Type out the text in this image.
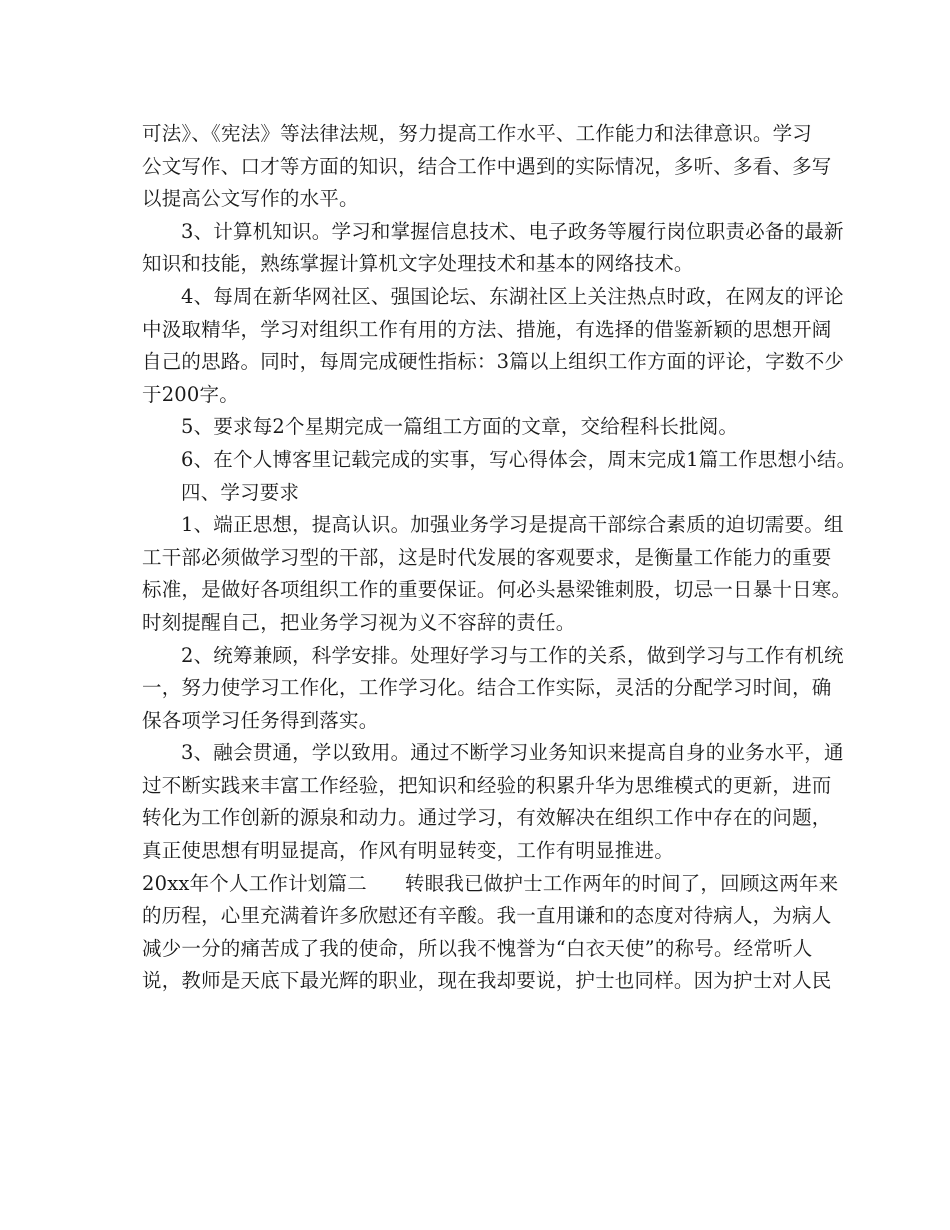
可法》、《宪法》等法律法规，努力提高工作水平、工作能力和法律意识。学习
公文写作、口才等方面的知识，结合工作中遇到的实际情况，多听、多看、多写
以提高公文写作的水平。
3、计算机知识。学习和掌握信息技术、电子政务等履行岗位职责必备的最新
知识和技能，熟练掌握计算机文字处理技术和基本的网络技术。
4、每周在新华网社区、强国论坛、东湖社区上关注热点时政，在网友的评论
中汲取精华，学习对组织工作有用的方法、措施，有选择的借鉴新颖的思想开阔
自己的思路。同时，每周完成硬性指标：3篇以上组织工作方面的评论，字数不少
于200字。
5、要求每2个星期完成一篇组工方面的文章，交给程科长批阅。
6、在个人博客里记载完成的实事，写心得体会，周末完成1篇工作思想小结。
四、学习要求
1、端正思想，提高认识。加强业务学习是提高干部综合素质的迫切需要。组
工干部必须做学习型的干部，这是时代发展的客观要求，是衡量工作能力的重要
标准，是做好各项组织工作的重要保证。何必头悬梁锥刺股，切忌一日暴十日寒。
时刻提醒自己，把业务学习视为义不容辞的责任。
2、统筹兼顾，科学安排。处理好学习与工作的关系，做到学习与工作有机统
一，努力使学习工作化，工作学习化。结合工作实际，灵活的分配学习时间，确
保各项学习任务得到落实。
3、融会贯通，学以致用。通过不断学习业务知识来提高自身的业务水平，通
过不断实践来丰富工作经验，把知识和经验的积累升华为思维模式的更新，进而
转化为工作创新的源泉和动力。通过学习，有效解决在组织工作中存在的问题，
真正使思想有明显提高，作风有明显转变，工作有明显推进。
20xx年个人工作计划篇二 转眼我已做护士工作两年的时间了，回顾这两年来
的历程，心里充满着许多欣慰还有辛酸。我一直用谦和的态度对待病人，为病人
减少一分的痛苦成了我的使命，所以我不愧誉为“白衣天使”的称号。经常听人
说，教师是天底下最光辉的职业，现在我却要说，护士也同样。因为护士对人民
